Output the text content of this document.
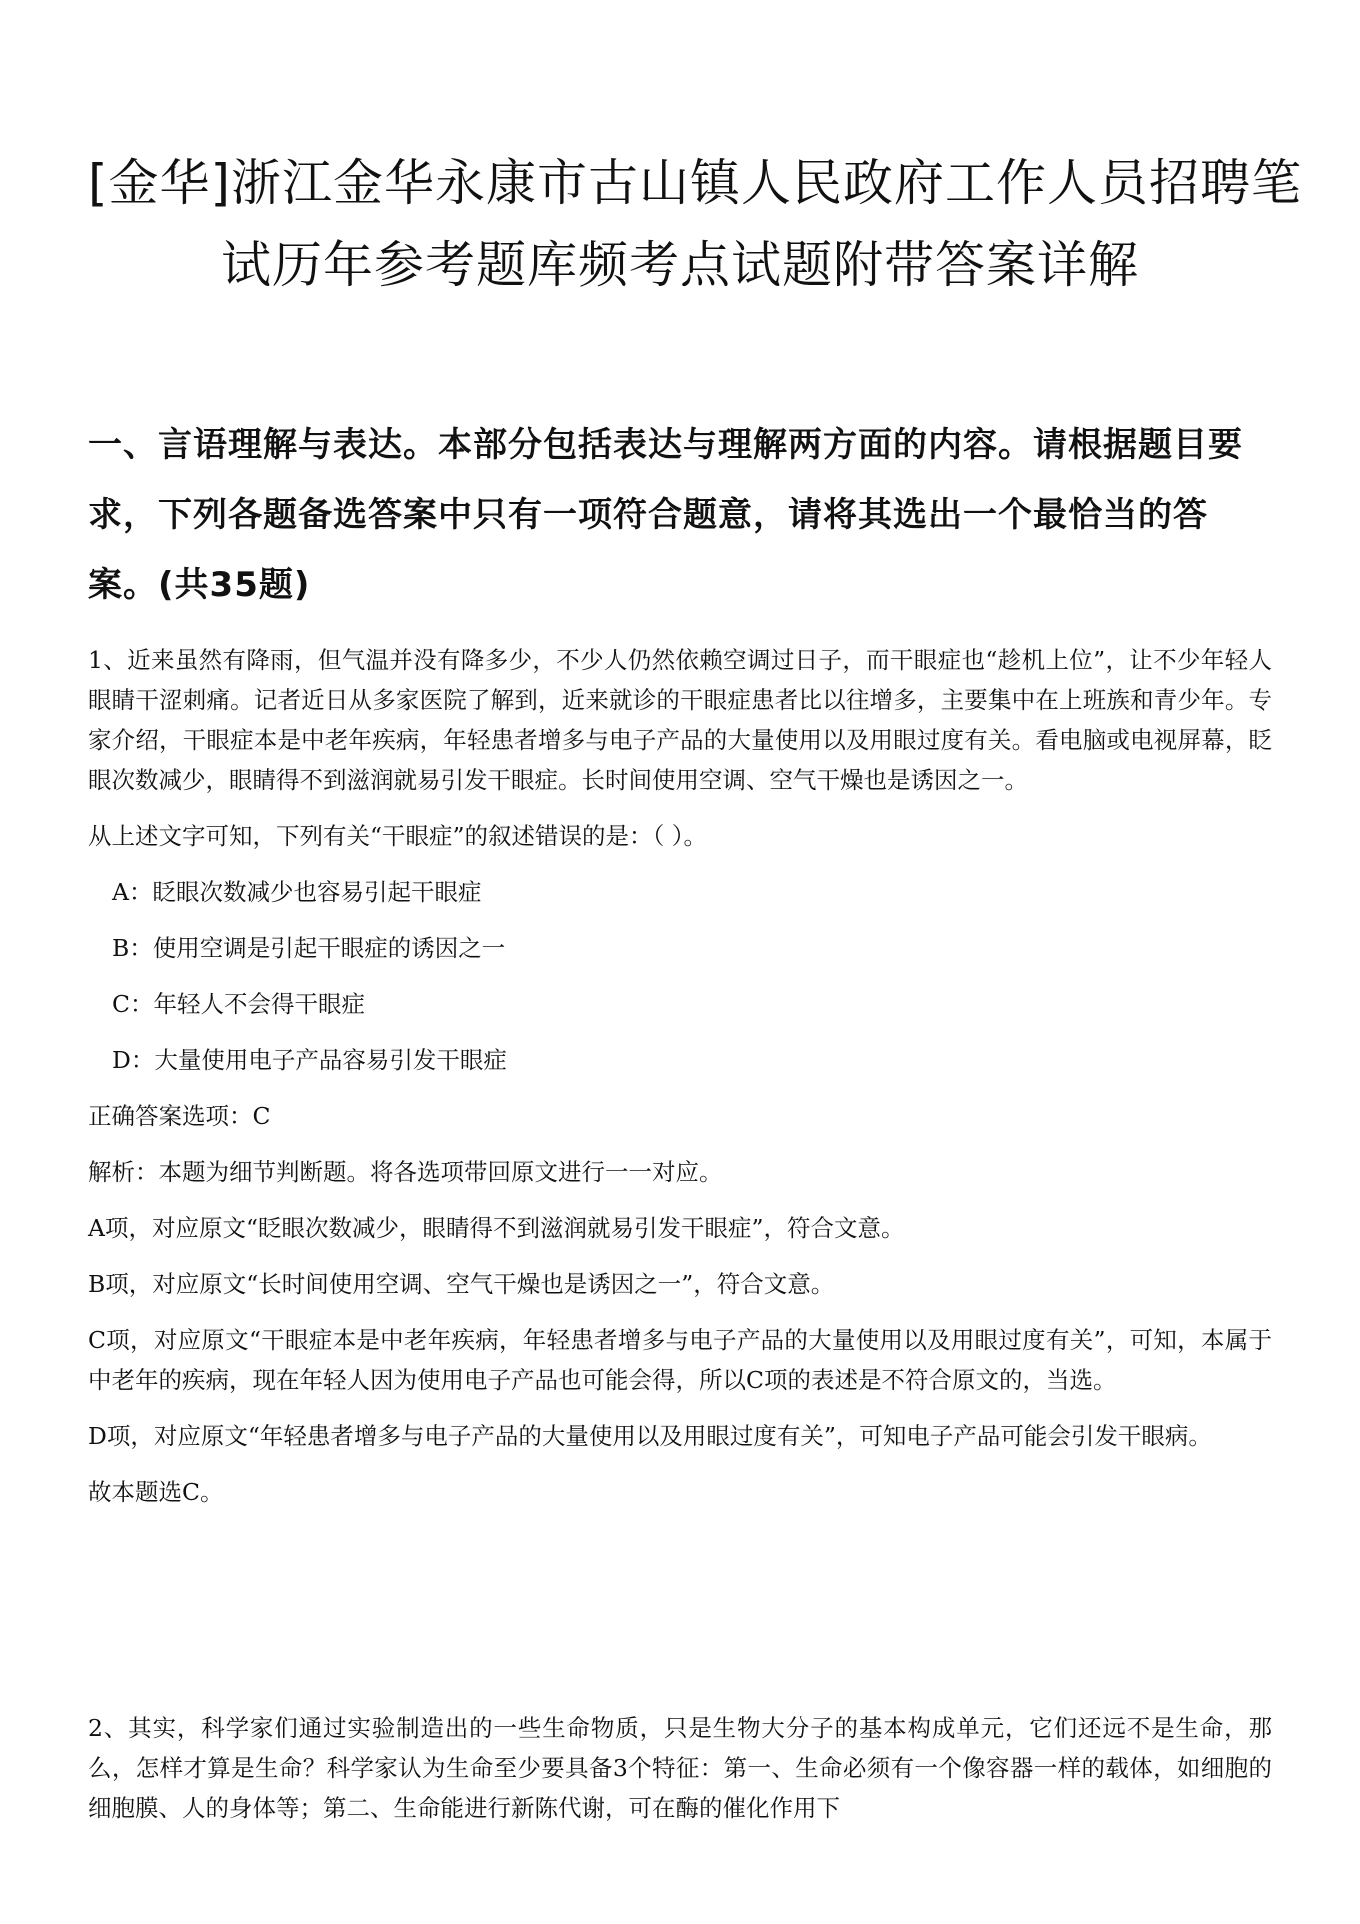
[金华]浙江金华永康市古山镇人民政府工作人员招聘笔
试历年参考题库频考点试题附带答案详解
一、言语理解与表达。本部分包括表达与理解两方面的内容。请根据题目要求，下列各题备选答案中只有一项符合题意，请将其选出一个最恰当的答案。(共35题)

1、近来虽然有降雨，但气温并没有降多少，不少人仍然依赖空调过日子，而干眼症也“趁机上位”，让不少年轻人眼睛干涩刺痛。记者近日从多家医院了解到，近来就诊的干眼症患者比以往增多，主要集中在上班族和青少年。专家介绍，干眼症本是中老年疾病，年轻患者增多与电子产品的大量使用以及用眼过度有关。看电脑或电视屏幕，眨眼次数减少，眼睛得不到滋润就易引发干眼症。长时间使用空调、空气干燥也是诱因之一。

从上述文字可知，下列有关“干眼症”的叙述错误的是：（ ）。

A：眨眼次数减少也容易引起干眼症

B：使用空调是引起干眼症的诱因之一

C：年轻人不会得干眼症

D：大量使用电子产品容易引发干眼症

正确答案选项：C

解析：本题为细节判断题。将各选项带回原文进行一一对应。

A项，对应原文“眨眼次数减少，眼睛得不到滋润就易引发干眼症”，符合文意。

B项，对应原文“长时间使用空调、空气干燥也是诱因之一”，符合文意。

C项，对应原文“干眼症本是中老年疾病，年轻患者增多与电子产品的大量使用以及用眼过度有关”，可知，本属于中老年的疾病，现在年轻人因为使用电子产品也可能会得，所以C项的表述是不符合原文的，当选。

D项，对应原文“年轻患者增多与电子产品的大量使用以及用眼过度有关”，可知电子产品可能会引发干眼病。

故本题选C。

2、其实，科学家们通过实验制造出的一些生命物质，只是生物大分子的基本构成单元，它们还远不是生命，那么，怎样才算是生命？科学家认为生命至少要具备3个特征：第一、生命必须有一个像容器一样的载体，如细胞的细胞膜、人的身体等；第二、生命能进行新陈代谢，可在酶的催化作用下
